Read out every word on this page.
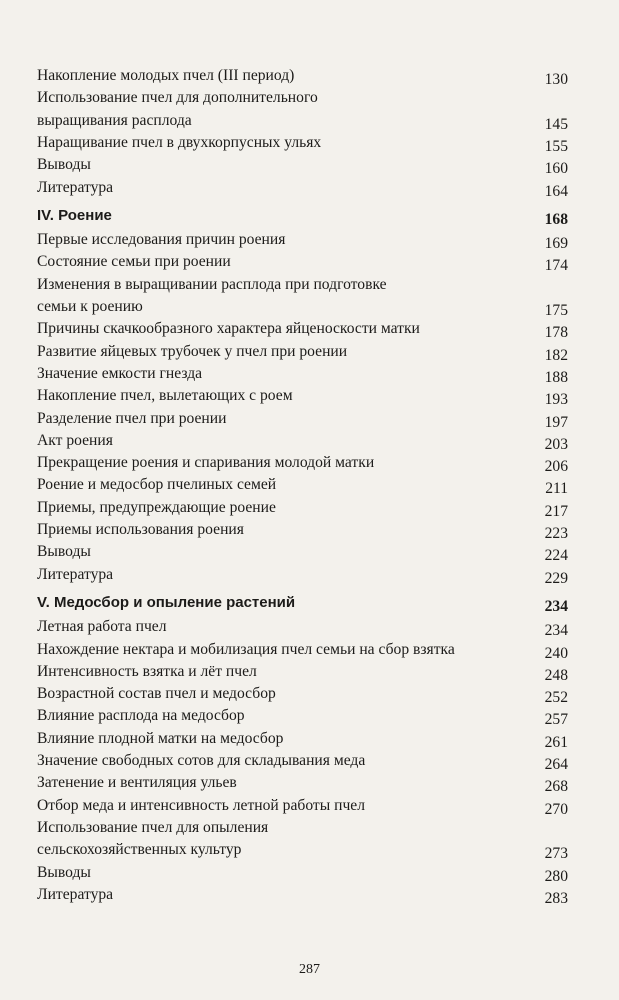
Накопление молодых пчел (III период)	130
Использование пчел для дополнительного
выращивания расплода	145
Наращивание пчел в двухкорпусных ульях	155
Выводы	160
Литература	164
IV. Роение	168
Первые исследования причин роения	169
Состояние семьи при роении	174
Изменения в выращивании расплода при подготовке
семьи к роению	175
Причины скачкообразного характера яйценоскости матки	178
Развитие яйцевых трубочек у пчел при роении	182
Значение емкости гнезда	188
Накопление пчел, вылетающих с роем	193
Разделение пчел при роении	197
Акт роения	203
Прекращение роения и спаривания молодой матки	206
Роение и медосбор пчелиных семей	211
Приемы, предупреждающие роение	217
Приемы использования роения	223
Выводы	224
Литература	229
V. Медосбор и опыление растений	234
Летная работа пчел	234
Нахождение нектара и мобилизация пчел семьи на сбор взятка	240
Интенсивность взятка и лёт пчел	248
Возрастной состав пчел и медосбор	252
Влияние расплода на медосбор	257
Влияние плодной матки на медосбор	261
Значение свободных сотов для складывания меда	264
Затенение и вентиляция ульев	268
Отбор меда и интенсивность летной работы пчел	270
Использование пчел для опыления
сельскохозяйственных культур	273
Выводы	280
Литература	283
287
